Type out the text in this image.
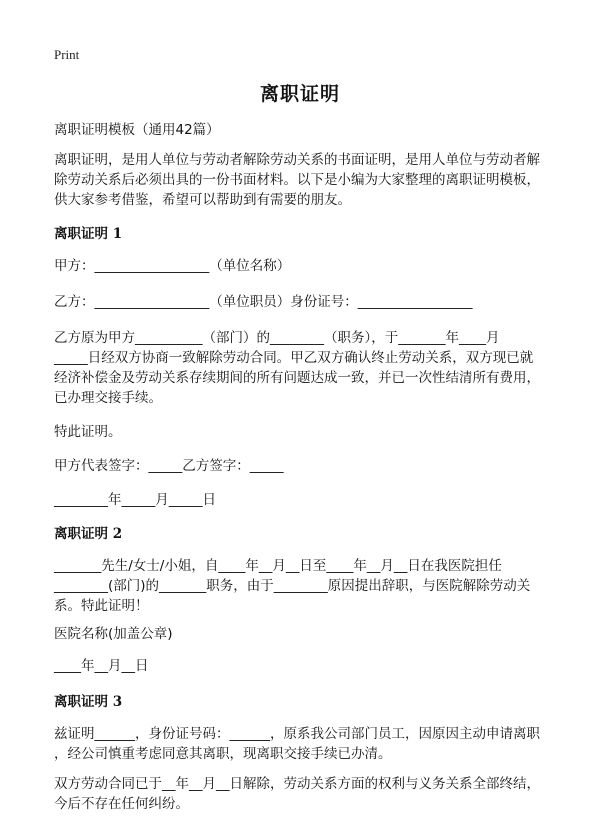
Print
离职证明

离职证明模板（通用42篇）

离职证明，是用人单位与劳动者解除劳动关系的书面证明，是用人单位与劳动者解

除劳动关系后必须出具的一份书面材料。以下是小编为大家整理的离职证明模板，

供大家参考借鉴，希望可以帮助到有需要的朋友。

离职证明 1

甲方：_________________（单位名称）

乙方：_________________（单位职员）身份证号：_________________

乙方原为甲方__________（部门）的________（职务），于_______年____月

_____日经双方协商一致解除劳动合同。甲乙双方确认终止劳动关系，双方现已就

经济补偿金及劳动关系存续期间的所有问题达成一致，并已一次性结清所有费用，

已办理交接手续。

特此证明。

甲方代表签字：_____乙方签字：_____

________年_____月_____日

离职证明 2

_______先生/女士/小姐，自____年__月__日至____年__月__日在我医院担任

________(部门)的_______职务，由于________原因提出辞职，与医院解除劳动关

系。特此证明！

医院名称(加盖公章)

____年__月__日

离职证明 3

兹证明______，身份证号码：______，原系我公司部门员工，因原因主动申请离职

，经公司慎重考虑同意其离职，现离职交接手续已办清。

双方劳动合同已于__年__月__日解除，劳动关系方面的权利与义务关系全部终结，

今后不存在任何纠纷。
